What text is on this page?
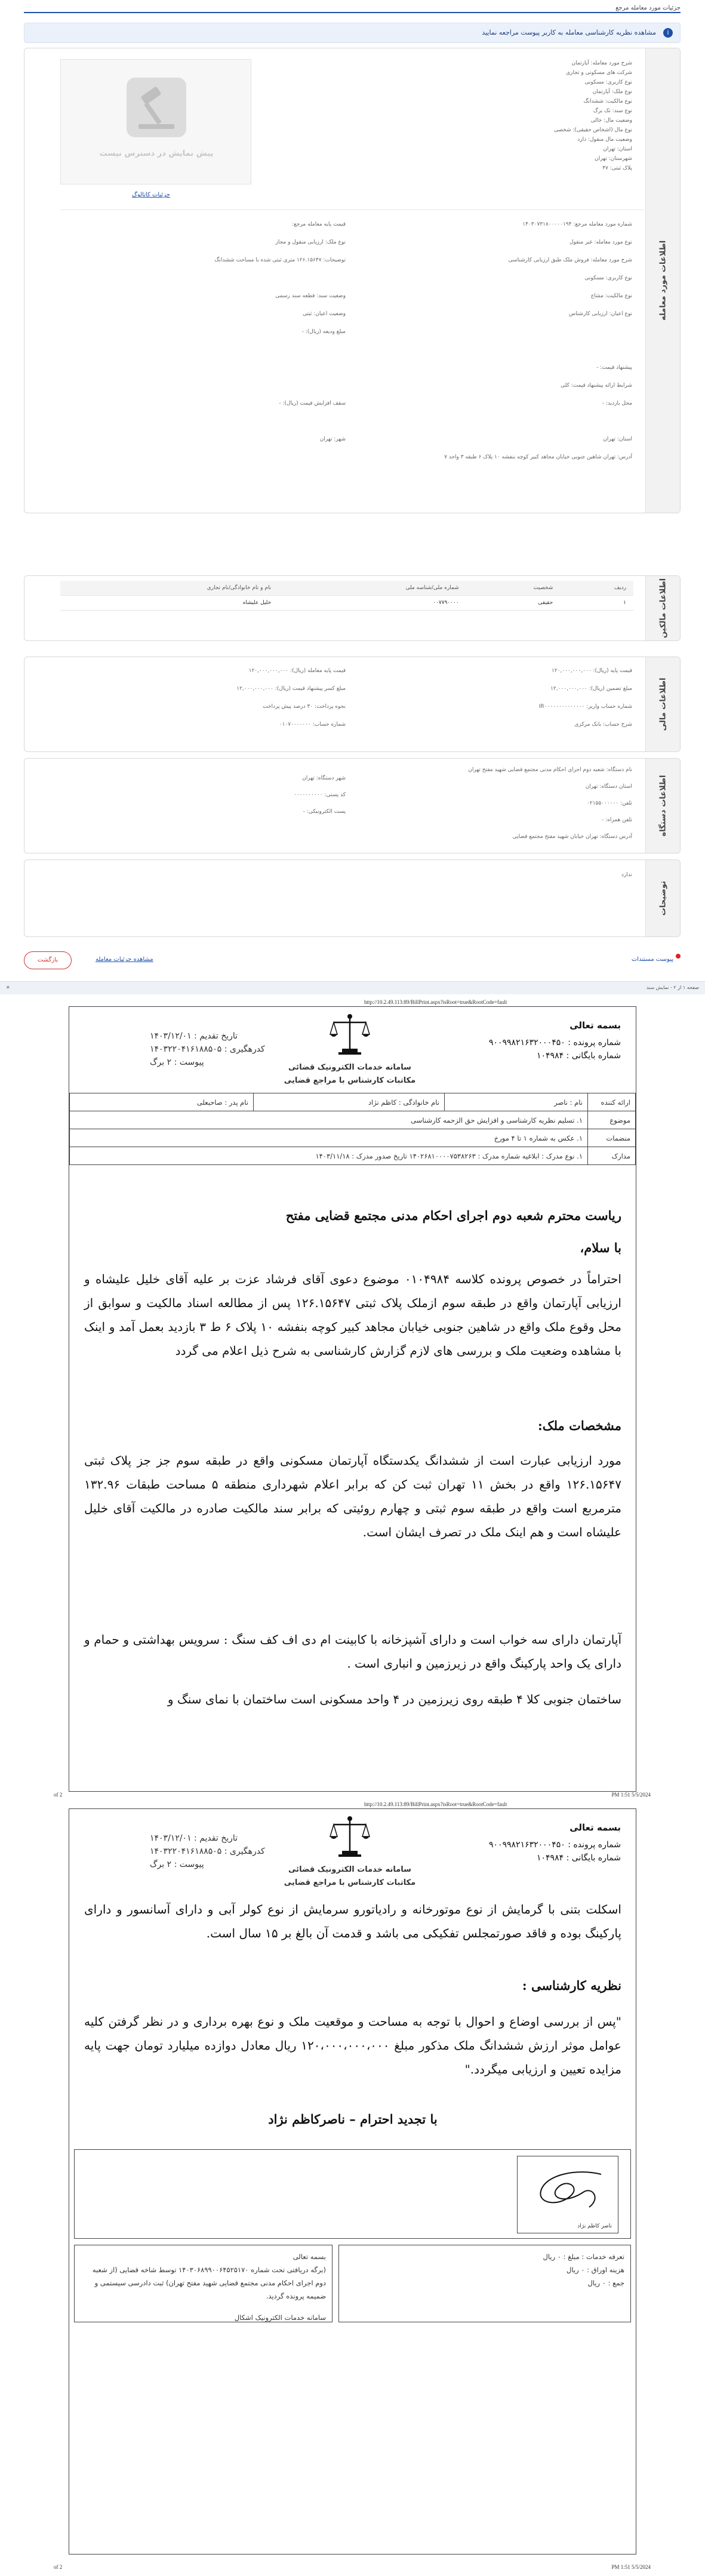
جزئیات مورد معامله مرجع
i
مشاهده نظریه کارشناسی معامله به کاربر پیوست مراجعه نمایید
اطلاعات مورد معامله
شرح مورد معامله: آپارتمان
شرکت های مسکونی و تجاری
نوع کاربری: مسکونی
نوع ملک: آپارتمان
نوع مالکیت: ششدانگ
نوع سند: تک برگ
وضعیت مال: خالی
نوع مال (اشخاص حقیقی): شخصی
وضعیت مال منقول: دارد
استان: تهران
شهرستان: تهران
پلاک ثبتی: ۴۷
پیش نمایش در دسترس نیست
جزئیات کاتالوگ
شماره مورد معامله مرجع: ۱۴۰۳۰۷۳۱۸۰۰۰۰۰۱۹۴
نوع مورد معامله: غیر منقول
شرح مورد معامله: فروش ملک طبق ارزیابی کارشناسی
نوع کاربری: مسکونی
نوع مالکیت: مشاع
نوع اعیان: ارزیابی کارشناس
پیشنهاد قیمت: -
شرایط ارائه پیشنهاد قیمت: کلی
محل بازدید: -
استان: تهران
آدرس: تهران شاهین جنوبی خیابان مجاهد کبیر کوچه بنفشه ۱۰ پلاک ۶ طبقه ۳ واحد ۷
قیمت پایه معامله مرجع:
نوع ملک: ارزیابی منقول و مجاز
توضیحات: ۱۲۶.۱۵۶۴۷ متری ثبتی شده با مساحت ششدانگ
وضعیت سند: قطعه سند رسمی
وضعیت اعیان: ثبتی
مبلغ ودیعه (ریال): -
سقف افزایش قیمت (ریال): -
شهر: تهران
اطلاعات مالکین
ردیف	شخصیت	شماره ملی/شناسه ملی	نام و نام خانوادگی/نام تجاری
۱	حقیقی	۰۰۷۷۹۰۰۰۰	خلیل علیشاه
اطلاعات مالی
قیمت پایه (ریال): ۱۲۰,۰۰۰,۰۰۰,۰۰۰
مبلغ تضمین (ریال): ۱۲,۰۰۰,۰۰۰,۰۰۰
شماره حساب واریز: IR۰۰۰۰۰۰۰۰۰۰۰۰۰۰
شرح حساب: بانک مرکزی
قیمت پایه معامله (ریال): ۱۲۰,۰۰۰,۰۰۰,۰۰۰
مبلغ کسر پیشنهاد قیمت (ریال): ۱۲,۰۰۰,۰۰۰,۰۰۰
نحوه پرداخت: ۳۰ درصد پیش پرداخت
شماره حساب: ۰۱۰۷۰۰۰۰۰۰۰
اطلاعات دستگاه
نام دستگاه: شعبه دوم اجرای احکام مدنی مجتمع قضایی شهید مفتح تهران
استان دستگاه: تهران
تلفن: ۰۲۱۵۵۰۰۰۰۰۰
تلفن همراه: -
آدرس دستگاه: تهران خیابان شهید مفتح مجتمع قضایی
شهر دستگاه: تهران
کد پستی: ۰۰۰۰۰۰۰۰۰۰
پست الکترونیکی: -
توضیحات
ندارد
بازگشت	مشاهده جزئیات معامله	پیوست مستندات
صفحه ۱ از ۲ - نمایش سند
✕
http://10.2.49.113:89/BillPrint.aspx?isRoot=true&RootCode=fault
بسمه تعالی
شماره پرونده : ۹۰۰۹۹۸۲۱۶۳۲۰۰۰۴۵۰
شماره بایگانی : ۱۰۴۹۸۴
سامانه خدمات الکترونیک قضائی
مکاتبات کارشناس با مراجع قضایی
تاریخ تقدیم : ۱۴۰۳/۱۲/۰۱
کدرهگیری : ۱۴۰۳۲۲۰۴۱۶۱۸۸۵۰۵
پیوست : ۲ برگ
ارائه کننده	نام : ناصر	نام خانوادگی : کاظم نژاد	نام پدر : صاحبعلی
موضوع	۱. تسلیم نظریه کارشناسی و افزایش حق الزحمه کارشناسی		
منضمات	۱. عکس به شماره ۱ تا ۴ مورخ		
مدارک	۱. نوع مدرک : ابلاغیه شماره مدرک : ۱۴۰۲۶۸۱۰۰۰۰۷۵۳۸۲۶۳ تاریخ صدور مدرک : ۱۴۰۳/۱۱/۱۸		
ریاست محترم شعبه دوم اجرای احکام مدنی مجتمع قضایی مفتح
با سلام،
احتراماً در خصوص پرونده کلاسه ۰۱۰۴۹۸۴ موضوع دعوی آقای فرشاد عزت بر علیه آقای خلیل علیشاه و ارزیابی آپارتمان واقع در طبقه سوم ازملک پلاک ثبتی ۱۲۶.۱۵۶۴۷ پس از مطالعه اسناد مالکیت و سوابق از محل وقوع ملک واقع در شاهین جنوبی خیابان مجاهد کبیر کوچه بنفشه ۱۰ پلاک ۶ ط ۳ بازدید بعمل آمد و اینک با مشاهده وضعیت ملک و بررسی های لازم گزارش کارشناسی به شرح ذیل اعلام می گردد
مشخصات ملک:
مورد ارزیابی عبارت است از ششدانگ یکدستگاه آپارتمان مسکونی واقع در طبقه سوم جز جز پلاک ثبتی ۱۲۶.۱۵۶۴۷ واقع در بخش ۱۱ تهران ثبت کن که برابر اعلام شهرداری منطقه ۵ مساحت طبقات ۱۳۲.۹۶ مترمربع است واقع در طبقه سوم ثبتی و چهارم روئیتی که برابر سند مالکیت صادره در مالکیت آقای خلیل علیشاه است و هم اینک ملک در تصرف ایشان است.
آپارتمان دارای سه خواب است و دارای آشپزخانه با کابینت ام دی اف کف سنگ : سرویس بهداشتی و حمام و دارای یک واحد پارکینگ واقع در زیرزمین و انباری است .
ساختمان جنوبی کلا ۴ طبقه روی زیرزمین در ۴ واحد مسکونی است ساختمان با نمای سنگ و
5/5/2024 1:51 PM
of 2
http://10.2.49.113:89/BillPrint.aspx?isRoot=true&RootCode=fault
بسمه تعالی
شماره پرونده : ۹۰۰۹۹۸۲۱۶۳۲۰۰۰۴۵۰
شماره بایگانی : ۱۰۴۹۸۴
سامانه خدمات الکترونیک قضائی
مکاتبات کارشناس با مراجع قضایی
تاریخ تقدیم : ۱۴۰۳/۱۲/۰۱
کدرهگیری : ۱۴۰۳۲۲۰۴۱۶۱۸۸۵۰۵
پیوست : ۲ برگ
اسکلت بتنی با گرمایش از نوع موتورخانه و رادیاتورو سرمایش از نوع کولر آبی و دارای آسانسور و دارای پارکینگ بوده و فاقد صورتمجلس تفکیکی می باشد و قدمت آن بالغ بر ۱۵ سال است.
نظریه کارشناسی :
"پس از بررسی اوضاع و احوال با توجه به مساحت و موقعیت ملک و نوع بهره برداری و در نظر گرفتن کلیه عوامل موثر ارزش ششدانگ ملک مذکور مبلغ ۱۲۰،۰۰۰،۰۰۰،۰۰۰ ریال معادل دوازده میلیارد تومان جهت پایه مزایده تعیین و ارزیابی میگردد."
با تجدید احترام – ناصرکاظم نژاد
ناصر کاظم نژاد
بسمه تعالی
(برگه دریافتی تحت شماره ۱۴۰۳۰۶۸۹۹۰۰۶۴۵۲۵۱۷۰ توسط شاخه قضایی (از شعبه دوم اجرای احکام مدنی مجتمع قضایی شهید مفتح تهران) ثبت دادرسی سیستمی و ضمیمه پرونده گردید.
سامانه خدمات الکترونیک اشکال
تعرفه خدمات : مبلغ : ۰ ریال
هزینه اوراق : ۰ ریال
جمع : ۰ ریال
5/5/2024 1:51 PM
of 2
